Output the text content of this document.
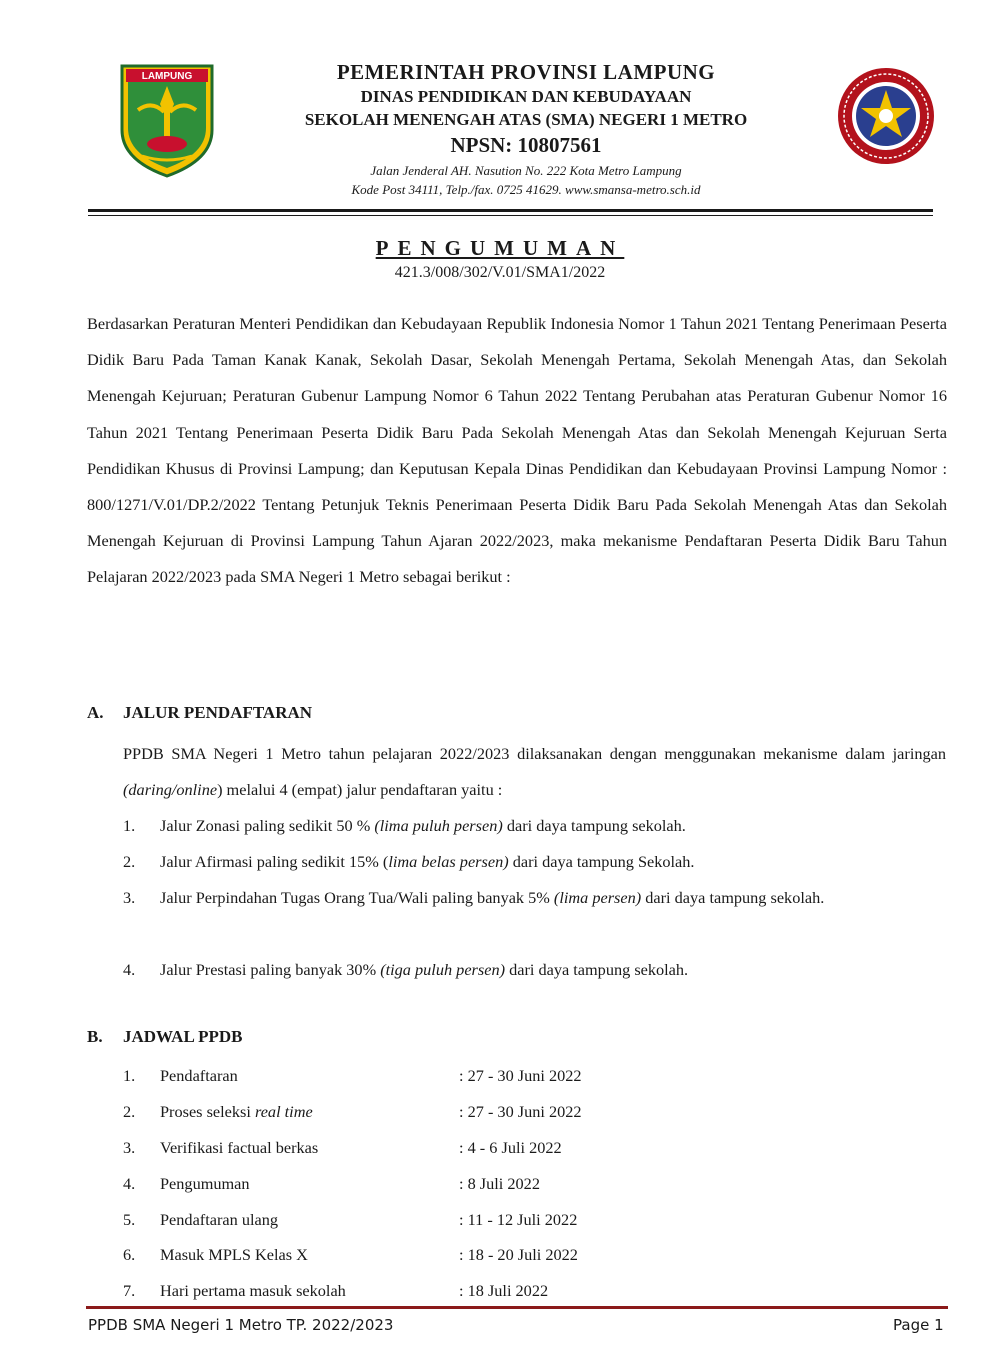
LAMPUNG	PEMERINTAH PROVINSI LAMPUNG
DINAS PENDIDIKAN DAN KEBUDAYAAN
SEKOLAH MENENGAH ATAS (SMA) NEGERI 1 METRO
NPSN: 10807561
Jalan Jenderal AH. Nasution No. 222 Kota Metro Lampung
Kode Post 34111, Telp./fax. 0725 41629. www.smansa-metro.sch.id
PENGUMUMAN
421.3/008/302/V.01/SMA1/2022
Berdasarkan Peraturan Menteri Pendidikan dan Kebudayaan Republik Indonesia Nomor 1 Tahun 2021 Tentang Penerimaan Peserta Didik Baru Pada Taman Kanak Kanak, Sekolah Dasar, Sekolah Menengah Pertama, Sekolah Menengah Atas, dan Sekolah Menengah Kejuruan; Peraturan Gubenur Lampung Nomor 6 Tahun 2022 Tentang Perubahan atas Peraturan Gubenur Nomor 16 Tahun 2021 Tentang Penerimaan Peserta Didik Baru Pada Sekolah Menengah Atas dan Sekolah Menengah Kejuruan Serta Pendidikan Khusus di Provinsi Lampung; dan Keputusan Kepala Dinas Pendidikan dan Kebudayaan Provinsi Lampung Nomor : 800/1271/V.01/DP.2/2022 Tentang Petunjuk Teknis Penerimaan Peserta Didik Baru Pada Sekolah Menengah Atas dan Sekolah Menengah Kejuruan di Provinsi Lampung Tahun Ajaran 2022/2023, maka mekanisme Pendaftaran Peserta Didik Baru Tahun Pelajaran 2022/2023 pada SMA Negeri 1 Metro sebagai berikut :
A. JALUR PENDAFTARAN
PPDB SMA Negeri 1 Metro tahun pelajaran 2022/2023 dilaksanakan dengan menggunakan mekanisme dalam jaringan (daring/online) melalui 4 (empat) jalur pendaftaran yaitu :
1. Jalur Zonasi paling sedikit 50 % (lima puluh persen) dari daya tampung sekolah.
2. Jalur Afirmasi paling sedikit 15% (lima belas persen) dari daya tampung Sekolah.
3. Jalur Perpindahan Tugas Orang Tua/Wali paling banyak 5% (lima persen) dari daya tampung sekolah.
4. Jalur Prestasi paling banyak 30% (tiga puluh persen) dari daya tampung sekolah.
B. JADWAL PPDB
1. Pendaftaran	: 27 - 30 Juni 2022
2. Proses seleksi real time	: 27 - 30 Juni 2022
3. Verifikasi factual berkas	: 4 - 6 Juli 2022
4. Pengumuman	: 8 Juli 2022
5. Pendaftaran ulang	: 11 - 12 Juli 2022
6. Masuk MPLS Kelas X	: 18 - 20 Juli 2022
7. Hari pertama masuk sekolah	: 18 Juli 2022
PPDB SMA Negeri 1 Metro TP. 2022/2023	Page 1
